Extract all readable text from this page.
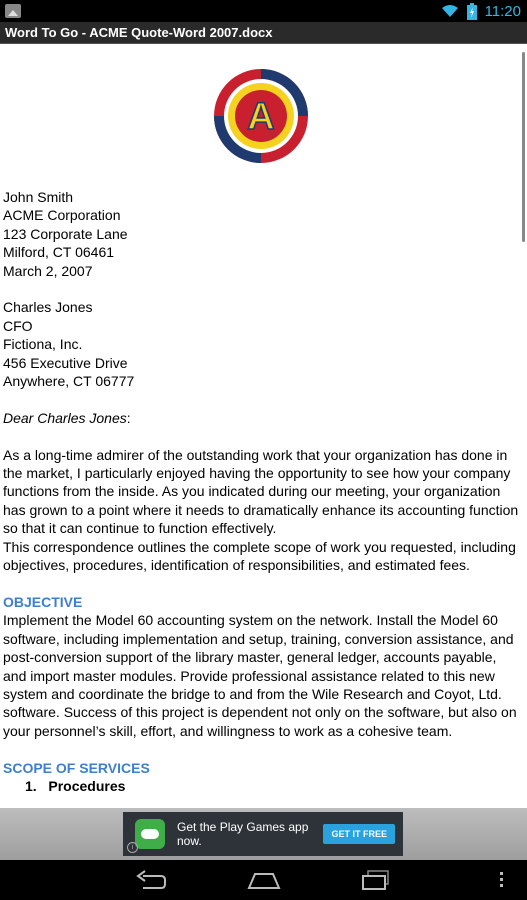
11:20
Word To Go - ACME Quote-Word 2007.docx
A

John Smith

ACME Corporation

123 Corporate Lane

Milford, CT 06461

March 2, 2007

Charles Jones

CFO

Fictiona, Inc.

456 Executive Drive

Anywhere, CT 06777

Dear Charles Jones:

As a long-time admirer of the outstanding work that your organization has done in the market, I particularly enjoyed having the opportunity to see how your company functions from the inside. As you indicated during our meeting, your organization has grown to a point where it needs to dramatically enhance its accounting function so that it can continue to function effectively.

This correspondence outlines the complete scope of work you requested, including objectives, procedures, identification of responsibilities, and estimated fees.

OBJECTIVE

Implement the Model 60 accounting system on the network. Install the Model 60 software, including implementation and setup, training, conversion assistance, and post-conversion support of the library master, general ledger, accounts payable, and import master modules. Provide professional assistance related to this new system and coordinate the bridge to and from the Wile Research and Coyot, Ltd. software. Success of this project is dependent not only on the software, but also on your personnel’s skill, effort, and willingness to work as a cohesive team.

SCOPE OF SERVICES

1. Procedures

Get the Play Games app now.	GET IT FREE
i
